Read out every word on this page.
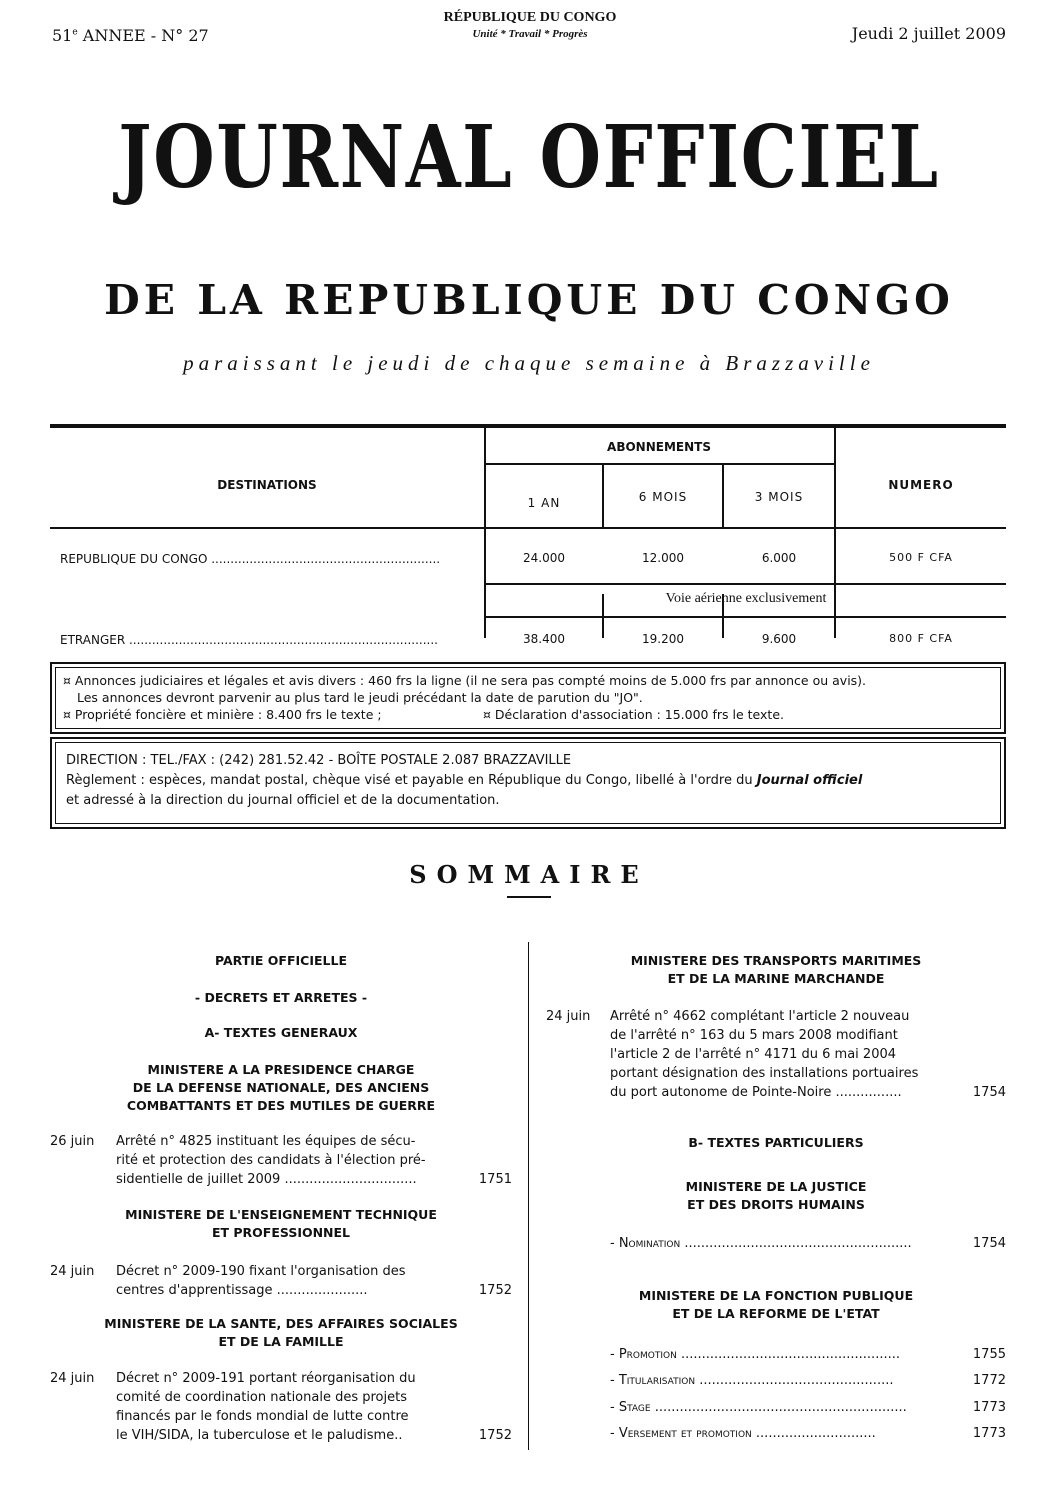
51e ANNEE - N° 27
RÉPUBLIQUE DU CONGO
Unité * Travail * Progrès	Jeudi 2 juillet 2009
JOURNAL OFFICIEL
DE LA REPUBLIQUE DU CONGO
paraissant le jeudi de chaque semaine à Brazzaville
DESTINATIONS
ABONNEMENTS
1 AN	6 MOIS	3 MOIS
NUMERO
REPUBLIQUE DU CONGO ............................................................	24.000	12.000	6.000	500 F CFA
Voie aérienne exclusivement
ETRANGER .................................................................................	38.400	19.200	9.600	800 F CFA
¤ Annonces judiciaires et légales et avis divers : 460 frs la ligne (il ne sera pas compté moins de 5.000 frs par annonce ou avis).
Les annonces devront parvenir au plus tard le jeudi précédant la date de parution du "JO".
¤ Propriété foncière et minière : 8.400 frs le texte ;	¤ Déclaration d'association : 15.000 frs le texte.
DIRECTION : TEL./FAX : (242) 281.52.42 - BOÎTE POSTALE 2.087 BRAZZAVILLE
Règlement : espèces, mandat postal, chèque visé et payable en République du Congo, libellé à l'ordre du Journal officiel
et adressé à la direction du journal officiel et de la documentation.
SOMMAIRE
PARTIE OFFICIELLE
- DECRETS ET ARRETES -
A- TEXTES GENERAUX
MINISTERE A LA PRESIDENCE CHARGE
DE LA DEFENSE NATIONALE, DES ANCIENS
COMBATTANTS ET DES MUTILES DE GUERRE
26 juin Arrêté n° 4825 instituant les équipes de sécu-
rité et protection des candidats à l'élection pré-
sidentielle de juillet 2009 ................................	1751
MINISTERE DE L'ENSEIGNEMENT TECHNIQUE
ET PROFESSIONNEL
24 juin Décret n° 2009-190 fixant l'organisation des
centres d'apprentissage ......................	1752
MINISTERE DE LA SANTE, DES AFFAIRES SOCIALES
ET DE LA FAMILLE
24 juin Décret n° 2009-191 portant réorganisation du
comité de coordination nationale des projets
financés par le fonds mondial de lutte contre
le VIH/SIDA, la tuberculose et le paludisme..	1752
MINISTERE DES TRANSPORTS MARITIMES
ET DE LA MARINE MARCHANDE
24 juin Arrêté n° 4662 complétant l'article 2 nouveau
de l'arrêté n° 163 du 5 mars 2008 modifiant
l'article 2 de l'arrêté n° 4171 du 6 mai 2004
portant désignation des installations portuaires
du port autonome de Pointe-Noire ................	1754
B- TEXTES PARTICULIERS
MINISTERE DE LA JUSTICE
ET DES DROITS HUMAINS
- Nomination .......................................................	1754
MINISTERE DE LA FONCTION PUBLIQUE
ET DE LA REFORME DE L'ETAT
- Promotion .....................................................	1755
- Titularisation ...............................................	1772
- Stage .............................................................	1773
- Versement et promotion .............................	1773
